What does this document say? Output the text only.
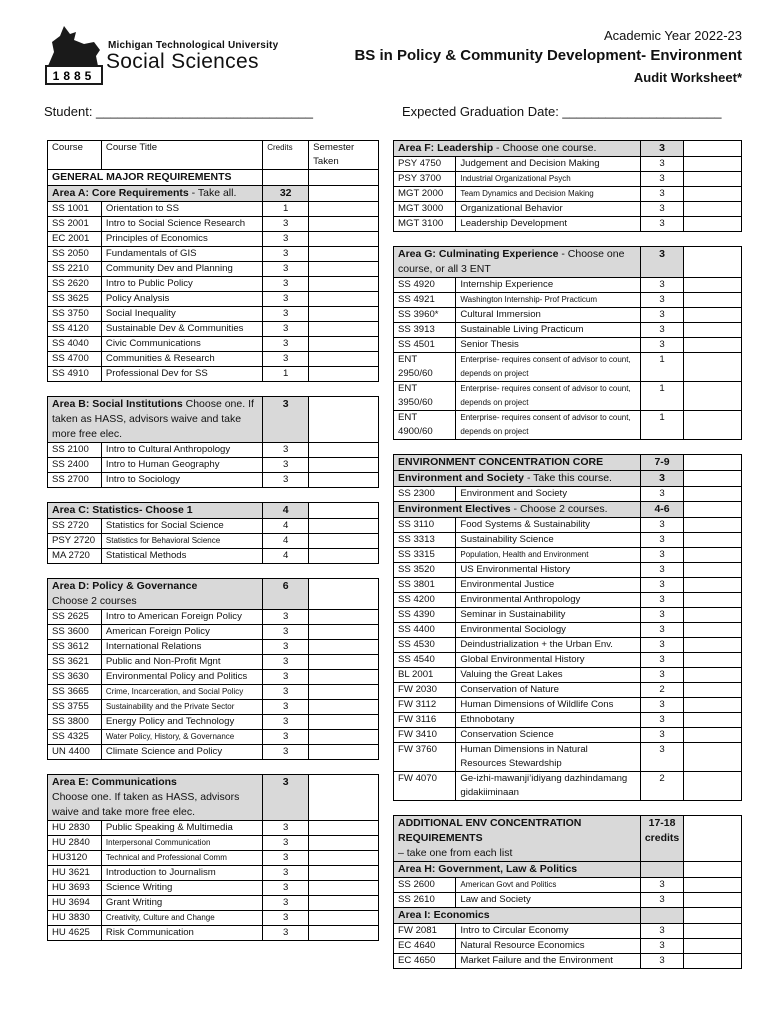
1885
Michigan Technological University
Social Sciences
Academic Year 2022-23
BS in Policy & Community Development- Environment
Audit Worksheet*
Student: ______________________________	Expected Graduation Date: ______________________
Course	Course Title	Credits	Semester Taken
GENERAL MAJOR REQUIREMENTS			
Area A: Core Requirements - Take all.		32	
SS 1001	Orientation to SS	1	
SS 2001	Intro to Social Science Research	3	
EC 2001	Principles of Economics	3	
SS 2050	Fundamentals of GIS	3	
SS 2210	Community Dev and Planning	3	
SS 2620	Intro to Public Policy	3	
SS 3625	Policy Analysis	3	
SS 3750	Social Inequality	3	
SS 4120	Sustainable Dev & Communities	3	
SS 4040	Civic Communications	3	
SS 4700	Communities & Research	3	
SS 4910	Professional Dev for SS	1	

Area B: Social Institutions Choose one. If taken as HASS, advisors waive and take more free elec.		3	
SS 2100	Intro to Cultural Anthropology	3	
SS 2400	Intro to Human Geography	3	
SS 2700	Intro to Sociology	3	

Area C: Statistics- Choose 1		4	
SS 2720	Statistics for Social Science	4	
PSY 2720	Statistics for Behavioral Science	4	
MA 2720	Statistical Methods	4	

Area D: Policy & Governance
Choose 2 courses		6	
SS 2625	Intro to American Foreign Policy	3	
SS 3600	American Foreign Policy	3	
SS 3612	International Relations	3	
SS 3621	Public and Non-Profit Mgnt	3	
SS 3630	Environmental Policy and Politics	3	
SS 3665	Crime, Incarceration, and Social Policy	3	
SS 3755	Sustainability and the Private Sector	3	
SS 3800	Energy Policy and Technology	3	
SS 4325	Water Policy, History, & Governance	3	
UN 4400	Climate Science and Policy	3	

Area E: Communications
Choose one. If taken as HASS, advisors waive and take more free elec.		3	
HU 2830	Public Speaking & Multimedia	3	
HU 2840	Interpersonal Communication	3	
HU3120	Technical and Professional Comm	3	
HU 3621	Introduction to Journalism	3	
HU 3693	Science Writing	3	
HU 3694	Grant Writing	3	
HU 3830	Creativity, Culture and Change	3	
HU 4625	Risk Communication	3	
Area F: Leadership - Choose one course.		3	
PSY 4750	Judgement and Decision Making	3	
PSY 3700	Industrial Organizational Psych	3	
MGT 2000	Team Dynamics and Decision Making	3	
MGT 3000	Organizational Behavior	3	
MGT 3100	Leadership Development	3	

Area G: Culminating Experience - Choose one course, or all 3 ENT		3	
SS 4920	Internship Experience	3	
SS 4921	Washington Internship- Prof Practicum	3	
SS 3960*	Cultural Immersion	3	
SS 3913	Sustainable Living Practicum	3	
SS 4501	Senior Thesis	3	
ENT 2950/60	Enterprise- requires consent of advisor to count, depends on project	1	
ENT 3950/60	Enterprise- requires consent of advisor to count, depends on project	1	
ENT 4900/60	Enterprise- requires consent of advisor to count, depends on project	1	

ENVIRONMENT CONCENTRATION CORE		7-9	
Environment and Society - Take this course.		3	
SS 2300	Environment and Society	3	
Environment Electives - Choose 2 courses.		4-6	
SS 3110	Food Systems & Sustainability	3	
SS 3313	Sustainability Science	3	
SS 3315	Population, Health and Environment	3	
SS 3520	US Environmental History	3	
SS 3801	Environmental Justice	3	
SS 4200	Environmental Anthropology	3	
SS 4390	Seminar in Sustainability	3	
SS 4400	Environmental Sociology	3	
SS 4530	Deindustrialization + the Urban Env.	3	
SS 4540	Global Environmental History	3	
BL 2001	Valuing the Great Lakes	3	
FW 2030	Conservation of Nature	2	
FW 3112	Human Dimensions of Wildlife Cons	3	
FW 3116	Ethnobotany	3	
FW 3410	Conservation Science	3	
FW 3760	Human Dimensions in Natural Resources Stewardship	3	
FW 4070	Ge-izhi-mawanji’idiyang dazhindamang gidakiiminaan	2	

ADDITIONAL ENV CONCENTRATION REQUIREMENTS
– take one from each list		17-18 credits	
Area H: Government, Law & Politics			
SS 2600	American Govt and Politics	3	
SS 2610	Law and Society	3	
Area I: Economics			
FW 2081	Intro to Circular Economy	3	
EC 4640	Natural Resource Economics	3	
EC 4650	Market Failure and the Environment	3	
